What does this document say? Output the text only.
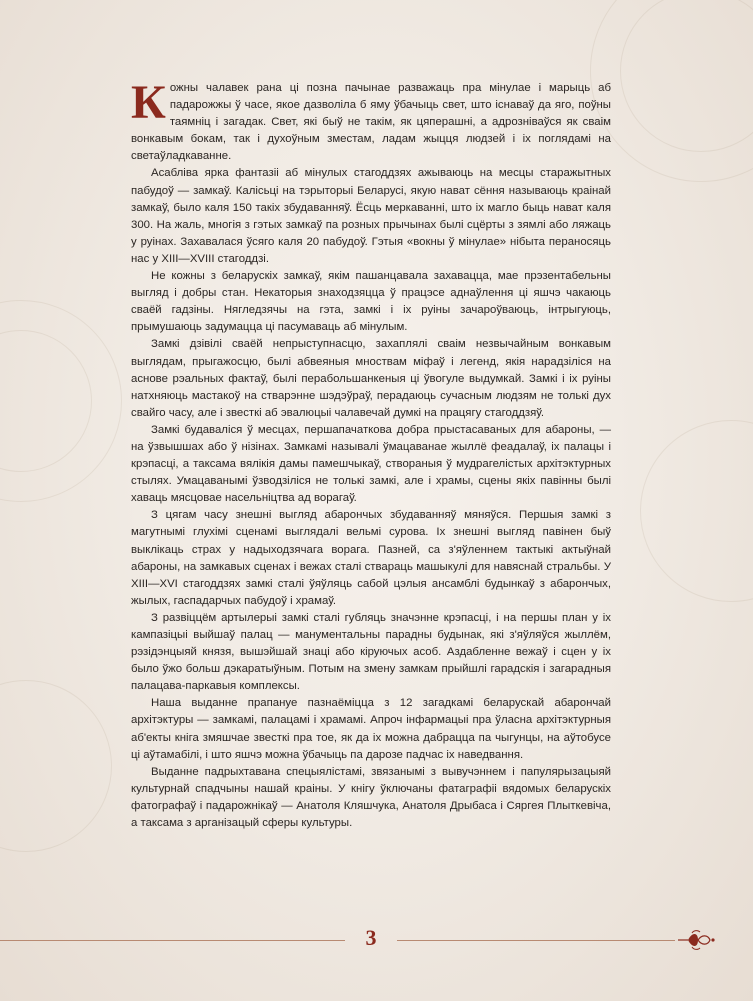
Кожны чалавек рана ці позна пачынае разважаць пра мінулае і марыць аб падарожжы ў часе, якое дазволіла б яму ўбачыць свет, што існаваў да яго, поўны таямніц і загадак. Свет, які быў не такім, як цяперашні, а адрозніваўся як сваім вонкавым бокам, так і духоўным зместам, ладам жыцця людзей і іх поглядамі на светаўладкаванне.

Асабліва ярка фантазіі аб мінулых стагоддзях ажываюць на месцы старажытных пабудоў — замкаў. Калісьці на тэрыторыі Беларусі, якую нават сёння называюць краінай замкаў, было каля 150 такіх збудаванняў. Ёсць меркаванні, што іх магло быць нават каля 300. На жаль, многія з гэтых замкаў па розных прычынах былі сцёрты з зямлі або ляжаць у руінах. Захавалася ўсяго каля 20 пабудоў. Гэтыя «вокны ў мінулае» нібыта пераносяць нас у XIII—XVIII стагоддзі.

Не кожны з беларускіх замкаў, якім пашанцавала захавацца, мае прэзентабельны выгляд і добры стан. Некаторыя знаходзяцца ў працэсе аднаўлення ці яшчэ чакаюць сваёй гадзіны. Нягледзячы на гэта, замкі і іх руіны зачароўваюць, інтрыгуюць, прымушаюць задумацца ці пасумаваць аб мінулым.

Замкі дзівілі сваёй непрыступнасцю, захаплялі сваім незвычайным вонкавым выглядам, прыгажосцю, былі абвеяныя мноствам міфаў і легенд, якія нарадзіліся на аснове рэальных фактаў, былі перабольшанкеныя ці ўвогуле выдумкай. Замкі і іх руіны натхняюць мастакоў на стварэнне шэдэўраў, перадаюць сучасным людзям не толькі дух свайго часу, але і звесткі аб эвалюцыі чалавечай думкі на працягу стагоддзяў.

Замкі будаваліся ў месцах, першапачаткова добра прыстасаваных для абароны, — на ўзвышшах або ў нізінах. Замкамі называлі ўмацаванае жыллё феадалаў, іх палацы і крэпасці, а таксама вялікія дамы памешчыкаў, створаныя ў мудрагелістых архітэктурных стылях. Умацаванымі ўзводзіліся не толькі замкі, але і храмы, сцены якіх павінны былі хаваць мясцовае насельніцтва ад ворагаў.

З цягам часу знешні выгляд абарончых збудаванняў мяняўся. Першыя замкі з магутнымі глухімі сценамі выглядалі вельмі сурова. Іх знешні выгляд павінен быў выклікаць страх у надыходзячага ворага. Пазней, са з'яўленнем тактыкі актыўнай абароны, на замкавых сценах і вежах сталі ствараць машыкулі для навяснай стральбы. У XIII—XVI стагоддзях замкі сталі ўяўляць сабой цэлыя ансамблі будынкаў з абарончых, жылых, гаспадарчых пабудоў і храмаў.

З развіццём артылерыі замкі сталі губляць значэнне крэпасці, і на першы план у іх кампазіцыі выйшаў палац — манументальны парадны будынак, які з'яўляўся жыллём, рэзідэнцыяй князя, вышэйшай знаці або кіруючых асоб. Аздабленне вежаў і сцен у іх было ўжо больш дэкаратыўным. Потым на змену замкам прыйшлі гарадскія і загарадныя палацава-паркавыя комплексы.

Наша выданне прапануе пазнаёміцца з 12 загадкамі беларускай абарончай архітэктуры — замкамі, палацамі і храмамі. Апроч інфармацыі пра ўласна архітэктурныя аб'екты кніга змяшчае звесткі пра тое, як да іх можна дабрацца па чыгунцы, на аўтобусе ці аўтамабілі, і што яшчэ можна ўбачыць па дарозе падчас іх наведвання.

Выданне падрыхтавана спецыялістамі, звязанымі з вывучэннем і папулярызацыяй культурнай спадчыны нашай краіны. У кнігу ўключаны фатаграфіі вядомых беларускіх фатографаў і падарожнікаў — Анатоля Кляшчука, Анатоля Дрыбаса і Сяргея Плыткевіча, а таксама з арганізацый сферы культуры.

3
